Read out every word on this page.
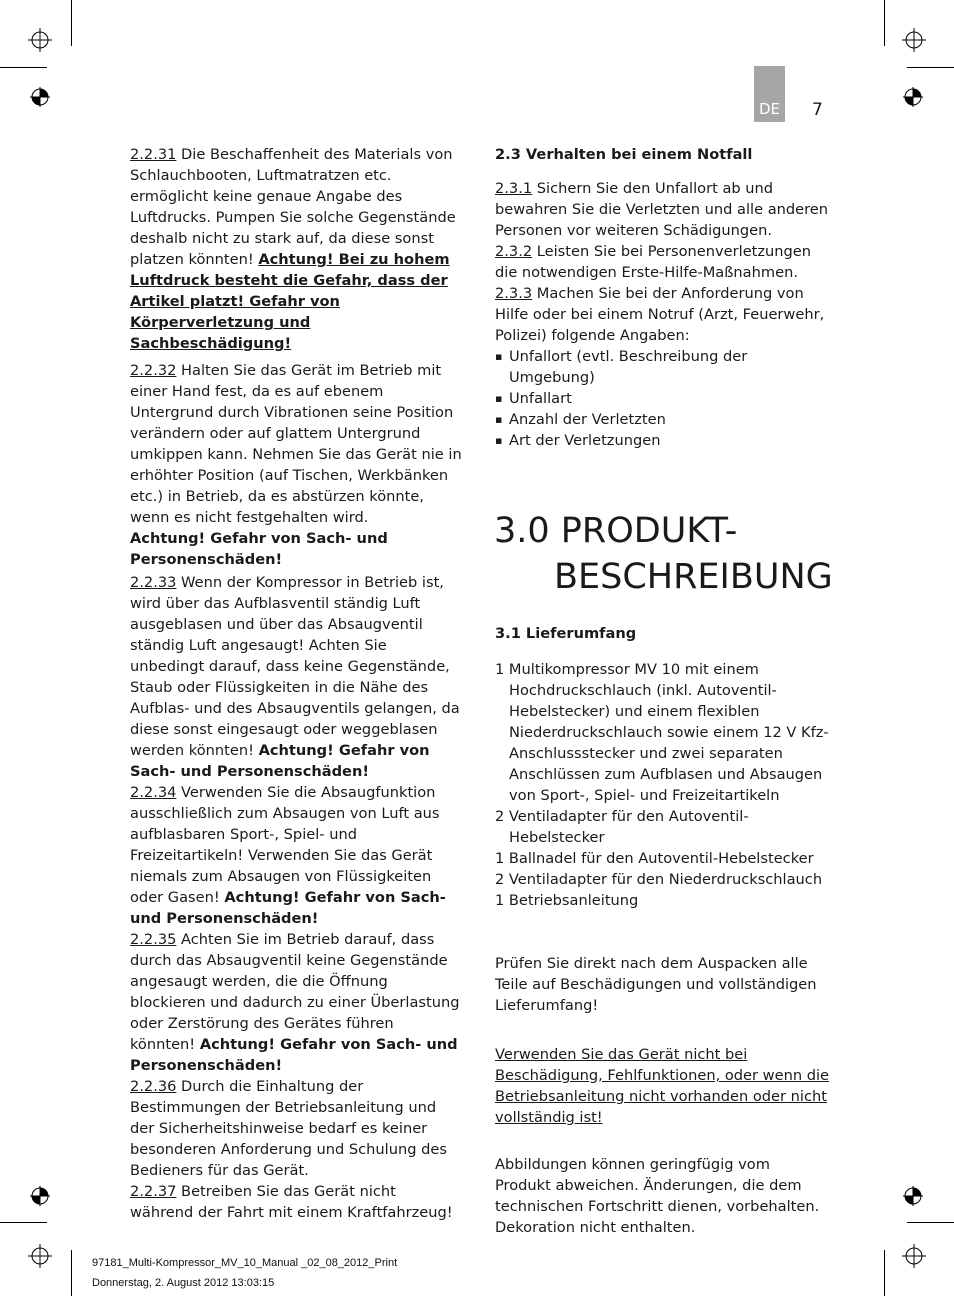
DE 7

2.2.31 Die Beschaffenheit des Materials von Schlauchbooten, Luftmatratzen etc. ermöglicht keine genaue Angabe des Luftdrucks. Pumpen Sie solche Gegenstände deshalb nicht zu stark auf, da diese sonst platzen könnten! Achtung! Bei zu hohem Luftdruck besteht die Gefahr, dass der Artikel platzt! Gefahr von Körperverletzung und Sachbeschädigung!

2.2.32 Halten Sie das Gerät im Betrieb mit einer Hand fest, da es auf ebenem Untergrund durch Vibrationen seine Position verändern oder auf glattem Untergrund umkippen kann. Nehmen Sie das Gerät nie in erhöhter Position (auf Tischen, Werkbänken etc.) in Betrieb, da es abstürzen könnte, wenn es nicht festgehalten wird.

Achtung! Gefahr von Sach- und Personenschäden!

2.2.33 Wenn der Kompressor in Betrieb ist, wird über das Aufblasventil ständig Luft ausgeblasen und über das Absaugventil ständig Luft angesaugt! Achten Sie unbedingt darauf, dass keine Gegenstände, Staub oder Flüssigkeiten in die Nähe des Aufblas- und des Absaugventils gelangen, da diese sonst eingesaugt oder weggeblasen werden könnten! Achtung! Gefahr von Sach- und Personenschäden!

2.2.34 Verwenden Sie die Absaugfunktion ausschließlich zum Absaugen von Luft aus aufblasbaren Sport-, Spiel- und Freizeitartikeln! Verwenden Sie das Gerät niemals zum Absaugen von Flüssigkeiten oder Gasen! Achtung! Gefahr von Sach- und Personenschäden!

2.2.35 Achten Sie im Betrieb darauf, dass durch das Absaugventil keine Gegenstände angesaugt werden, die die Öffnung blockieren und dadurch zu einer Überlastung oder Zerstörung des Gerätes führen könnten! Achtung! Gefahr von Sach- und Personenschäden!

2.2.36 Durch die Einhaltung der Bestimmungen der Betriebsanleitung und der Sicherheitshinweise bedarf es keiner besonderen Anforderung und Schulung des Bedieners für das Gerät.

2.2.37 Betreiben Sie das Gerät nicht während der Fahrt mit einem Kraftfahrzeug!

2.3 Verhalten bei einem Notfall

2.3.1 Sichern Sie den Unfallort ab und bewahren Sie die Verletzten und alle anderen Personen vor weiteren Schädigungen.

2.3.2 Leisten Sie bei Personenverletzungen die notwendigen Erste-Hilfe-Maßnahmen.

2.3.3 Machen Sie bei der Anforderung von Hilfe oder bei einem Notruf (Arzt, Feuerwehr, Polizei) folgende Angaben:

▪ Unfallort (evtl. Beschreibung der Umgebung)
▪ Unfallart
▪ Anzahl der Verletzten
▪ Art der Verletzungen
3.0 PRODUKT-
BESCHREIBUNG

3.1 Lieferumfang

1 Multikompressor MV 10 mit einem Hochdruckschlauch (inkl. Autoventil-Hebelstecker) und einem flexiblen Niederdruckschlauch sowie einem 12 V Kfz-Anschlussstecker und zwei separaten Anschlüssen zum Aufblasen und Absaugen von Sport-, Spiel- und Freizeitartikeln
2 Ventiladapter für den Autoventil-Hebelstecker
1 Ballnadel für den Autoventil-Hebelstecker
2 Ventiladapter für den Niederdruckschlauch
1 Betriebsanleitung

Prüfen Sie direkt nach dem Auspacken alle Teile auf Beschädigungen und vollständigen Lieferumfang!

Verwenden Sie das Gerät nicht bei Beschädigung, Fehlfunktionen, oder wenn die Betriebsanleitung nicht vorhanden oder nicht vollständig ist!

Abbildungen können geringfügig vom Produkt abweichen. Änderungen, die dem technischen Fortschritt dienen, vorbehalten. Dekoration nicht enthalten.

97181_Multi-Kompressor_MV_10_Manual _02_08_2012_Print
Donnerstag, 2. August 2012 13:03:15
